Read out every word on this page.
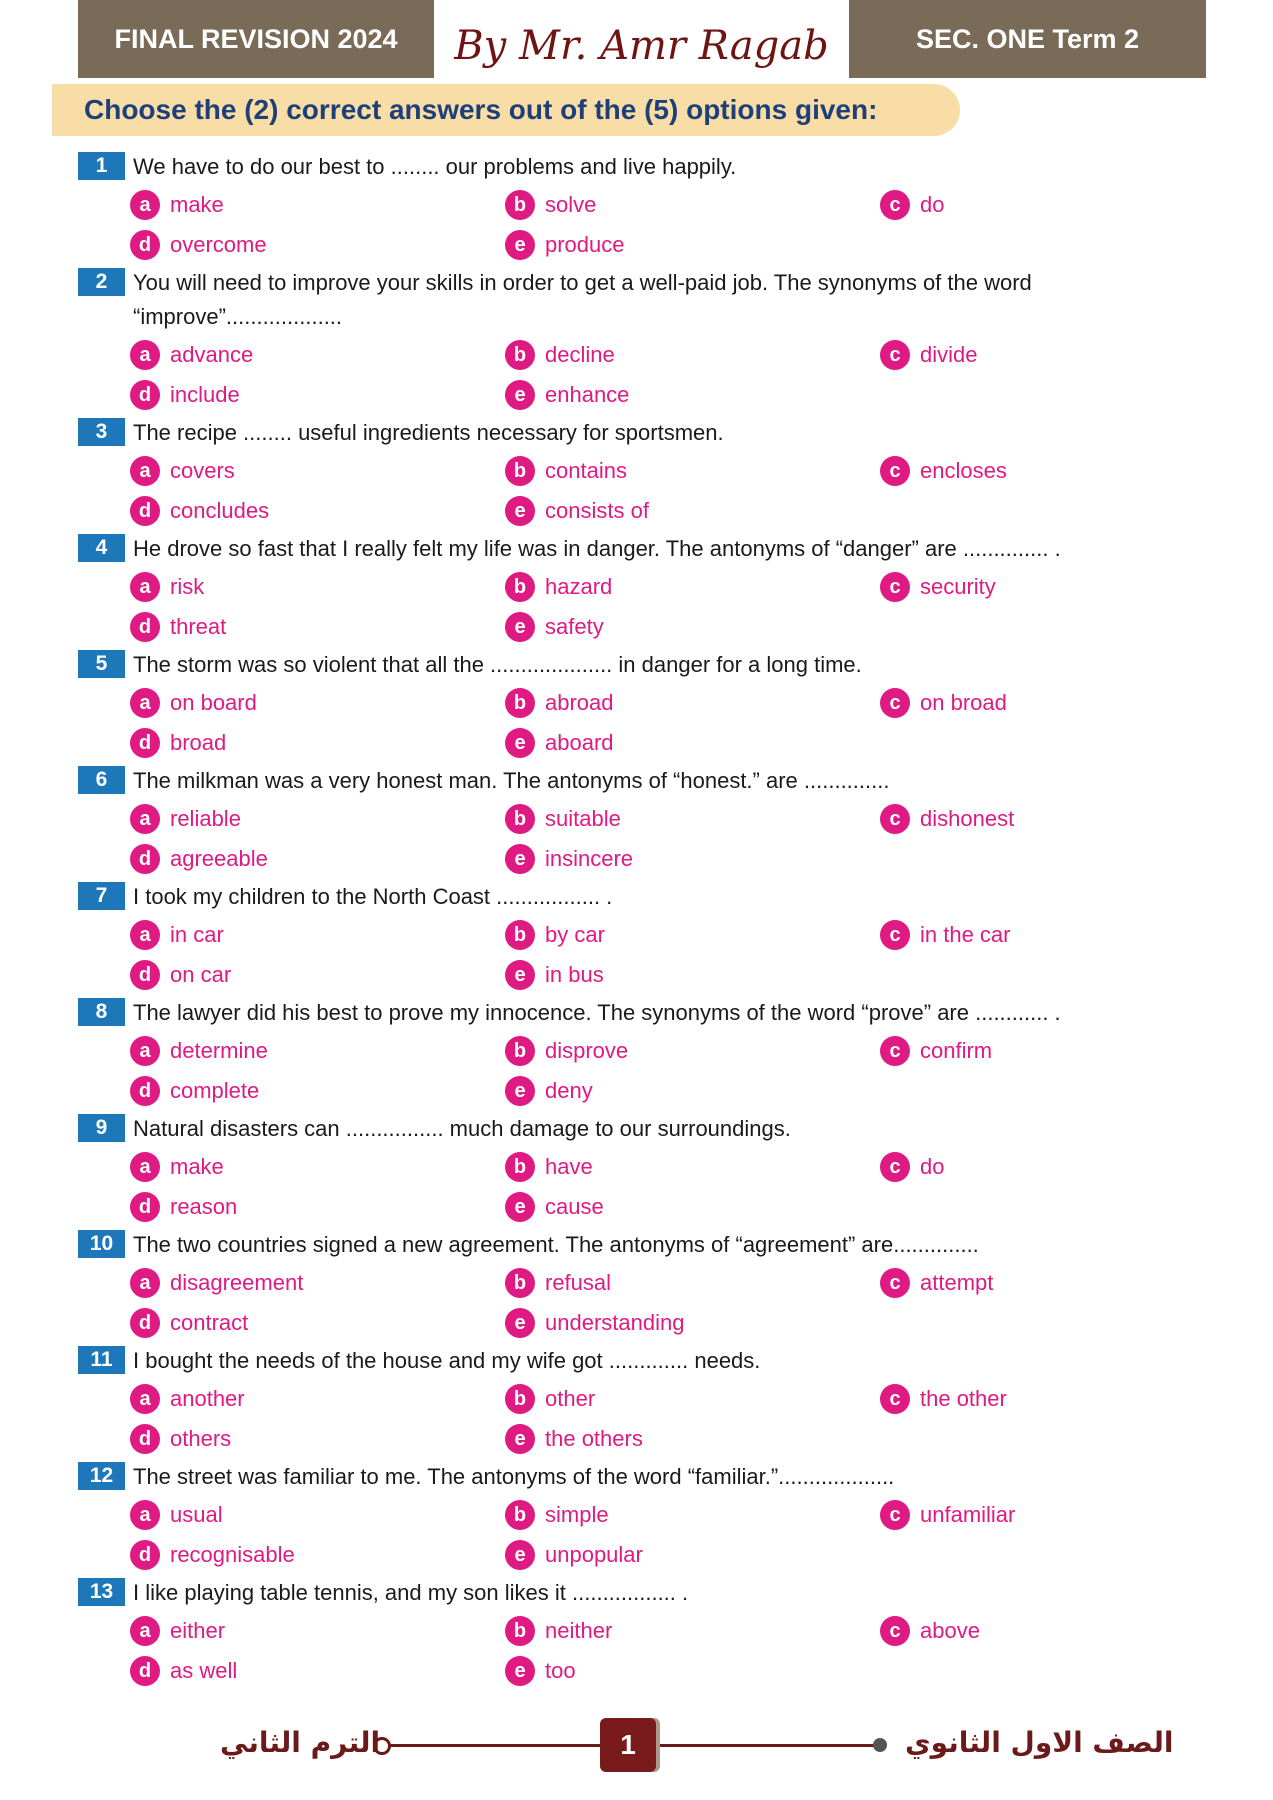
FINAL REVISION 2024	By Mr. Amr Ragab	SEC. ONE Term 2
Choose the (2) correct answers out of the (5) options given:
1	We have to do our best to ........ our problems and live happily.
a make	b solve	c do
d overcome	e produce
2	You will need to improve your skills in order to get a well-paid job. The synonyms of the word “improve”...................
a advance	b decline	c divide
d include	e enhance
3	The recipe ........ useful ingredients necessary for sportsmen.
a covers	b contains	c encloses
d concludes	e consists of
4	He drove so fast that I really felt my life was in danger. The antonyms of “danger” are .............. .
a risk	b hazard	c security
d threat	e safety
5	The storm was so violent that all the .................... in danger for a long time.
a on board	b abroad	c on broad
d broad	e aboard
6	The milkman was a very honest man. The antonyms of “honest.” are ..............
a reliable	b suitable	c dishonest
d agreeable	e insincere
7	I took my children to the North Coast ................. .
a in car	b by car	c in the car
d on car	e in bus
8	The lawyer did his best to prove my innocence. The synonyms of the word “prove” are ............ .
a determine	b disprove	c confirm
d complete	e deny
9	Natural disasters can ................ much damage to our surroundings.
a make	b have	c do
d reason	e cause
10 The two countries signed a new agreement. The antonyms of “agreement” are..............
a disagreement	b refusal	c attempt
d contract	e understanding
11 I bought the needs of the house and my wife got ............. needs.
a another	b other	c the other
d others	e the others
12 The street was familiar to me. The antonyms of the word “familiar.”...................
a usual	b simple	c unfamiliar
d recognisable	e unpopular
13 I like playing table tennis, and my son likes it ................. .
a either	b neither	c above
d as well	e too
1
الترم الثاني	الصف الاول الثانوي
